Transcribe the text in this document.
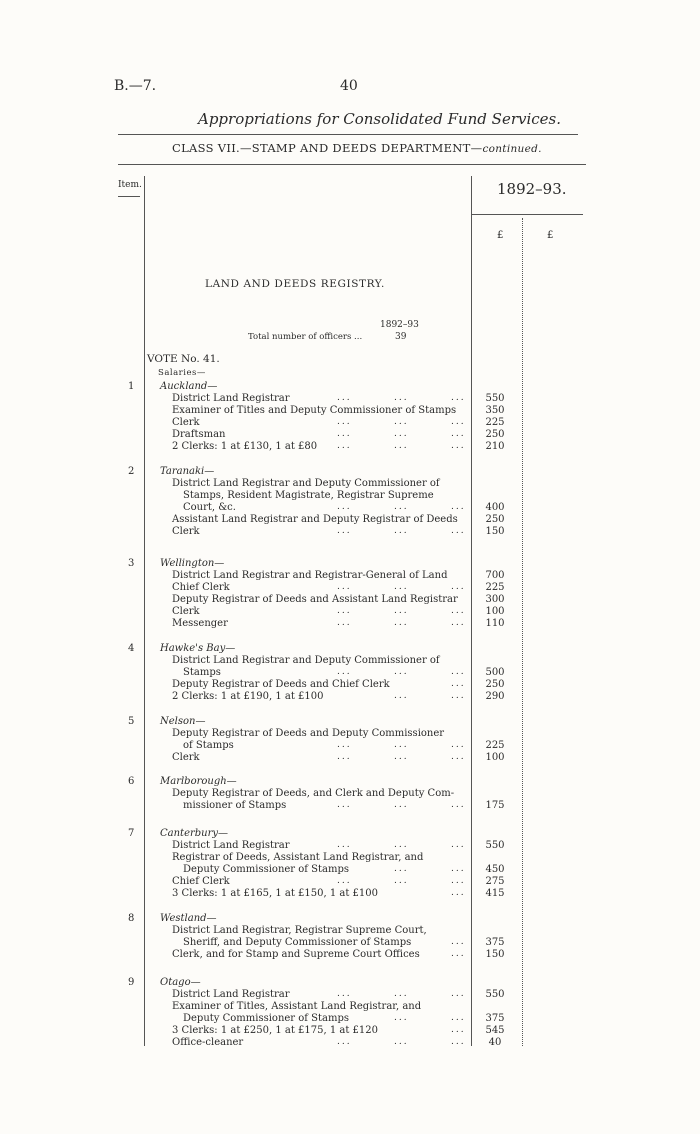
B.—7.	40
Appropriations for Consolidated Fund Services.
CLASS VII.—STAMP AND DEEDS DEPARTMENT—continued.
Item.	1892–93.
£	£
LAND AND DEEDS REGISTRY.
1892–93
Total number of officers ...	39
VOTE No. 41.
Salaries—
1	Auckland—
District Land Registrar	...	...	...	550
Examiner of Titles and Deputy Commissioner of Stamps	350
Clerk	...	...	...	225
Draftsman	...	...	...	250
2 Clerks: 1 at £130, 1 at £80 ...	...	...	210
2	Taranaki—
District Land Registrar and Deputy Commissioner of
Stamps, Resident Magistrate, Registrar Supreme
Court, &c.	...	...	...	400
Assistant Land Registrar and Deputy Registrar of Deeds	250
Clerk	...	...	...	150
3	Wellington—
District Land Registrar and Registrar-General of Land	700
Chief Clerk	...	...	...	225
Deputy Registrar of Deeds and Assistant Land Registrar	300
Clerk	...	...	...	100
Messenger	...	...	...	110
4	Hawke's Bay—
District Land Registrar and Deputy Commissioner of
Stamps	...	...	...	500
Deputy Registrar of Deeds and Chief Clerk	...	250
2 Clerks: 1 at £190, 1 at £100	...	...	290
5	Nelson—
Deputy Registrar of Deeds and Deputy Commissioner
of Stamps	...	...	...	225
Clerk	...	...	...	100
6	Marlborough—
Deputy Registrar of Deeds, and Clerk and Deputy Com-
missioner of Stamps	...	...	...	175
7	Canterbury—
District Land Registrar	...	...	...	550
Registrar of Deeds, Assistant Land Registrar, and
Deputy Commissioner of Stamps	...	...	450
Chief Clerk	...	...	...	275
3 Clerks: 1 at £165, 1 at £150, 1 at £100	...	415
8	Westland—
District Land Registrar, Registrar Supreme Court,
Sheriff, and Deputy Commissioner of Stamps	...	375
Clerk, and for Stamp and Supreme Court Offices	...	150
9	Otago—
District Land Registrar	...	...	...	550
Examiner of Titles, Assistant Land Registrar, and
Deputy Commissioner of Stamps	...	...	375
3 Clerks: 1 at £250, 1 at £175, 1 at £120	...	545
Office-cleaner	...	...	...	40
